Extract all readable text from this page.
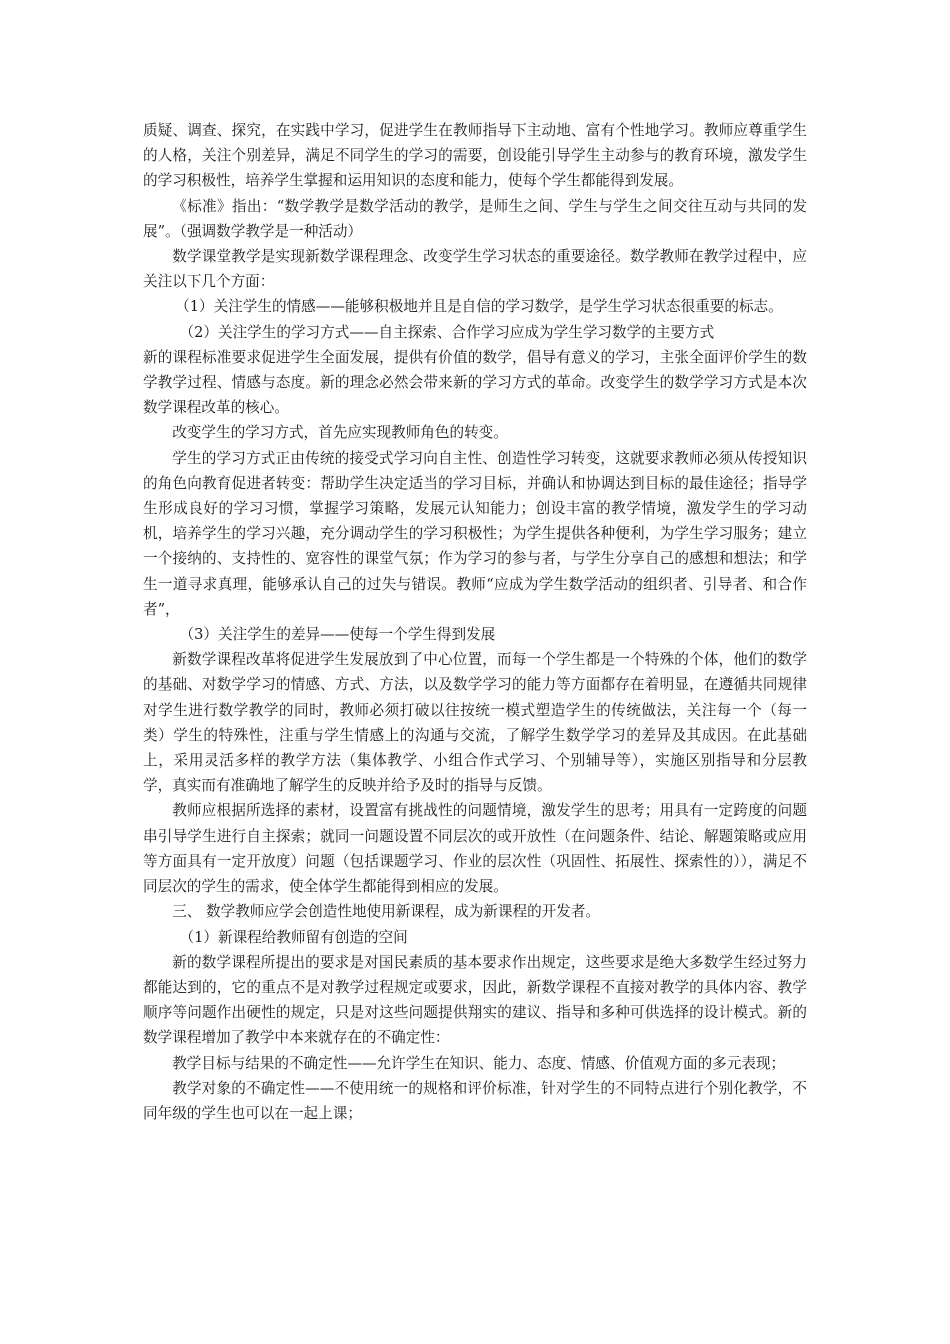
质疑、调查、探究，在实践中学习，促进学生在教师指导下主动地、富有个性地学习。教师应尊重学生的人格，关注个别差异，满足不同学生的学习的需要，创设能引导学生主动参与的教育环境，激发学生的学习积极性，培养学生掌握和运用知识的态度和能力，使每个学生都能得到发展。

《标准》指出：“数学教学是数学活动的教学，是师生之间、学生与学生之间交往互动与共同的发展”。（强调数学教学是一种活动）

数学课堂教学是实现新数学课程理念、改变学生学习状态的重要途径。数学教师在教学过程中，应关注以下几个方面：

（1）关注学生的情感——能够积极地并且是自信的学习数学，是学生学习状态很重要的标志。

（2）关注学生的学习方式——自主探索、合作学习应成为学生学习数学的主要方式

新的课程标准要求促进学生全面发展，提供有价值的数学，倡导有意义的学习，主张全面评价学生的数学教学过程、情感与态度。新的理念必然会带来新的学习方式的革命。改变学生的数学学习方式是本次数学课程改革的核心。

改变学生的学习方式，首先应实现教师角色的转变。

学生的学习方式正由传统的接受式学习向自主性、创造性学习转变，这就要求教师必须从传授知识的角色向教育促进者转变：帮助学生决定适当的学习目标，并确认和协调达到目标的最佳途径；指导学生形成良好的学习习惯，掌握学习策略，发展元认知能力；创设丰富的教学情境，激发学生的学习动机，培养学生的学习兴趣，充分调动学生的学习积极性；为学生提供各种便利，为学生学习服务；建立一个接纳的、支持性的、宽容性的课堂气氛；作为学习的参与者，与学生分享自己的感想和想法；和学生一道寻求真理，能够承认自己的过失与错误。教师“应成为学生数学活动的组织者、引导者、和合作者”，

（3）关注学生的差异——使每一个学生得到发展

新数学课程改革将促进学生发展放到了中心位置，而每一个学生都是一个特殊的个体，他们的数学的基础、对数学学习的情感、方式、方法，以及数学学习的能力等方面都存在着明显，在遵循共同规律对学生进行数学教学的同时，教师必须打破以往按统一模式塑造学生的传统做法，关注每一个（每一类）学生的特殊性，注重与学生情感上的沟通与交流，了解学生数学学习的差异及其成因。在此基础上，采用灵活多样的教学方法（集体教学、小组合作式学习、个别辅导等），实施区别指导和分层教学，真实而有准确地了解学生的反映并给予及时的指导与反馈。

教师应根据所选择的素材，设置富有挑战性的问题情境，激发学生的思考；用具有一定跨度的问题串引导学生进行自主探索；就同一问题设置不同层次的或开放性（在问题条件、结论、解题策略或应用等方面具有一定开放度）问题（包括课题学习、作业的层次性（巩固性、拓展性、探索性的）），满足不同层次的学生的需求，使全体学生都能得到相应的发展。

三、 数学教师应学会创造性地使用新课程，成为新课程的开发者。

（1）新课程给教师留有创造的空间

新的数学课程所提出的要求是对国民素质的基本要求作出规定，这些要求是绝大多数学生经过努力都能达到的，它的重点不是对教学过程规定或要求，因此，新数学课程不直接对教学的具体内容、教学顺序等问题作出硬性的规定，只是对这些问题提供翔实的建议、指导和多种可供选择的设计模式。新的数学课程增加了教学中本来就存在的不确定性：

教学目标与结果的不确定性——允许学生在知识、能力、态度、情感、价值观方面的多元表现；

教学对象的不确定性——不使用统一的规格和评价标准，针对学生的不同特点进行个别化教学，不同年级的学生也可以在一起上课；
